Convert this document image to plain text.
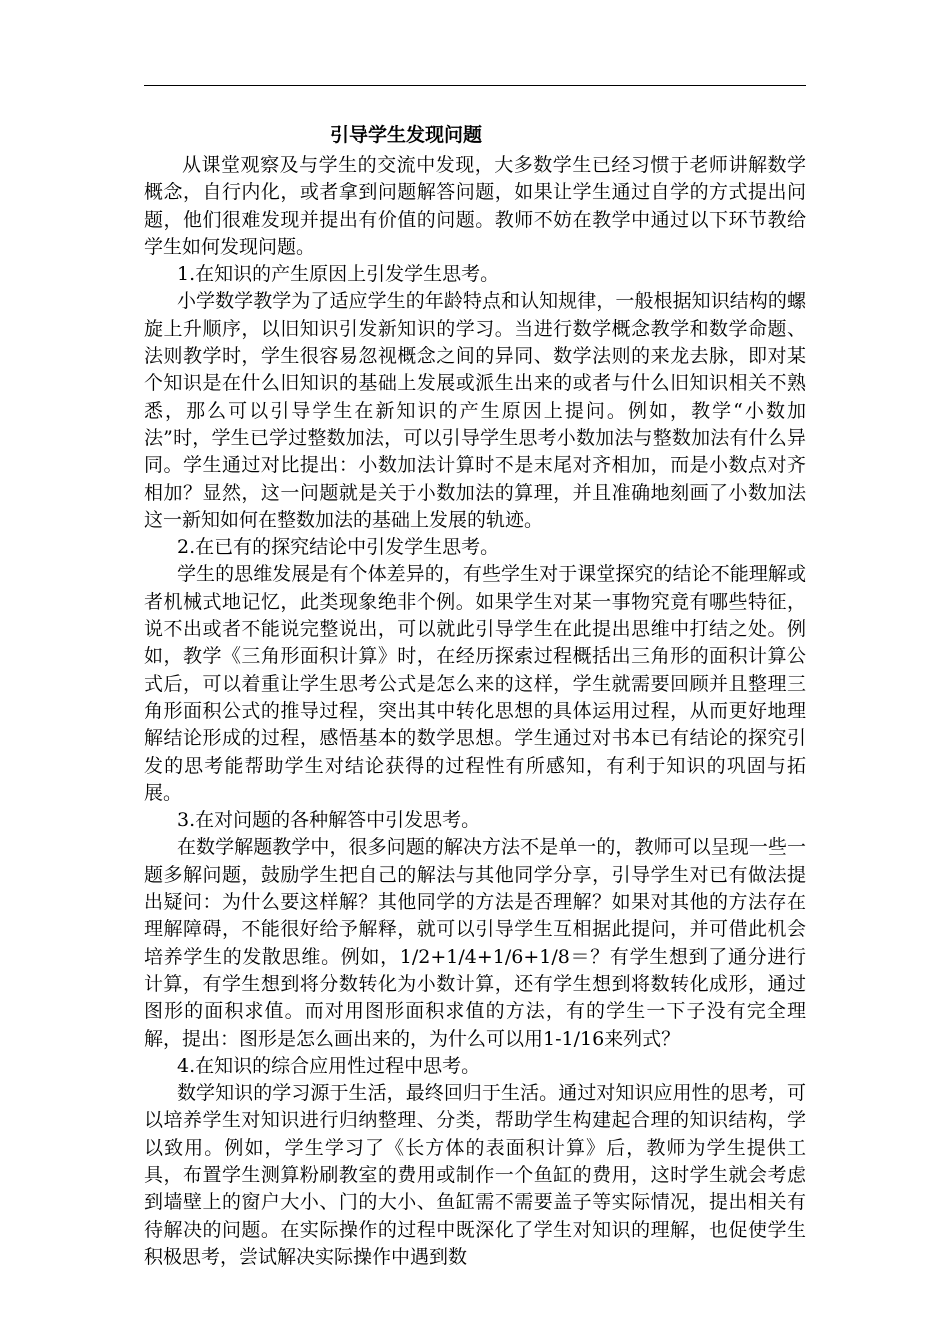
引导学生发现问题

从课堂观察及与学生的交流中发现，大多数学生已经习惯于老师讲解数学概念，自行内化，或者拿到问题解答问题，如果让学生通过自学的方式提出问题，他们很难发现并提出有价值的问题。教师不妨在教学中通过以下环节教给学生如何发现问题。

1.在知识的产生原因上引发学生思考。

小学数学教学为了适应学生的年龄特点和认知规律，一般根据知识结构的螺旋上升顺序，以旧知识引发新知识的学习。当进行数学概念教学和数学命题、法则教学时，学生很容易忽视概念之间的异同、数学法则的来龙去脉，即对某个知识是在什么旧知识的基础上发展或派生出来的或者与什么旧知识相关不熟悉，那么可以引导学生在新知识的产生原因上提问。例如，教学“小数加法”时，学生已学过整数加法，可以引导学生思考小数加法与整数加法有什么异同。学生通过对比提出：小数加法计算时不是末尾对齐相加，而是小数点对齐相加？显然，这一问题就是关于小数加法的算理，并且准确地刻画了小数加法这一新知如何在整数加法的基础上发展的轨迹。

2.在已有的探究结论中引发学生思考。

学生的思维发展是有个体差异的，有些学生对于课堂探究的结论不能理解或者机械式地记忆，此类现象绝非个例。如果学生对某一事物究竟有哪些特征，说不出或者不能说完整说出，可以就此引导学生在此提出思维中打结之处。例如，教学《三角形面积计算》时，在经历探索过程概括出三角形的面积计算公式后，可以着重让学生思考公式是怎么来的这样，学生就需要回顾并且整理三角形面积公式的推导过程，突出其中转化思想的具体运用过程，从而更好地理解结论形成的过程，感悟基本的数学思想。学生通过对书本已有结论的探究引发的思考能帮助学生对结论获得的过程性有所感知，有利于知识的巩固与拓展。

3.在对问题的各种解答中引发思考。

在数学解题教学中，很多问题的解决方法不是单一的，教师可以呈现一些一题多解问题，鼓励学生把自己的解法与其他同学分享，引导学生对已有做法提出疑问：为什么要这样解？其他同学的方法是否理解？如果对其他的方法存在理解障碍，不能很好给予解释，就可以引导学生互相据此提问，并可借此机会培养学生的发散思维。例如，1/2+1/4+1/6+1/8＝？有学生想到了通分进行计算，有学生想到将分数转化为小数计算，还有学生想到将数转化成形，通过图形的面积求值。而对用图形面积求值的方法，有的学生一下子没有完全理解，提出：图形是怎么画出来的，为什么可以用1-1/16来列式？

4.在知识的综合应用性过程中思考。

数学知识的学习源于生活，最终回归于生活。通过对知识应用性的思考，可以培养学生对知识进行归纳整理、分类，帮助学生构建起合理的知识结构，学以致用。例如，学生学习了《长方体的表面积计算》后，教师为学生提供工具，布置学生测算粉刷教室的费用或制作一个鱼缸的费用，这时学生就会考虑到墙壁上的窗户大小、门的大小、鱼缸需不需要盖子等实际情况，提出相关有待解决的问题。在实际操作的过程中既深化了学生对知识的理解，也促使学生积极思考，尝试解决实际操作中遇到数
